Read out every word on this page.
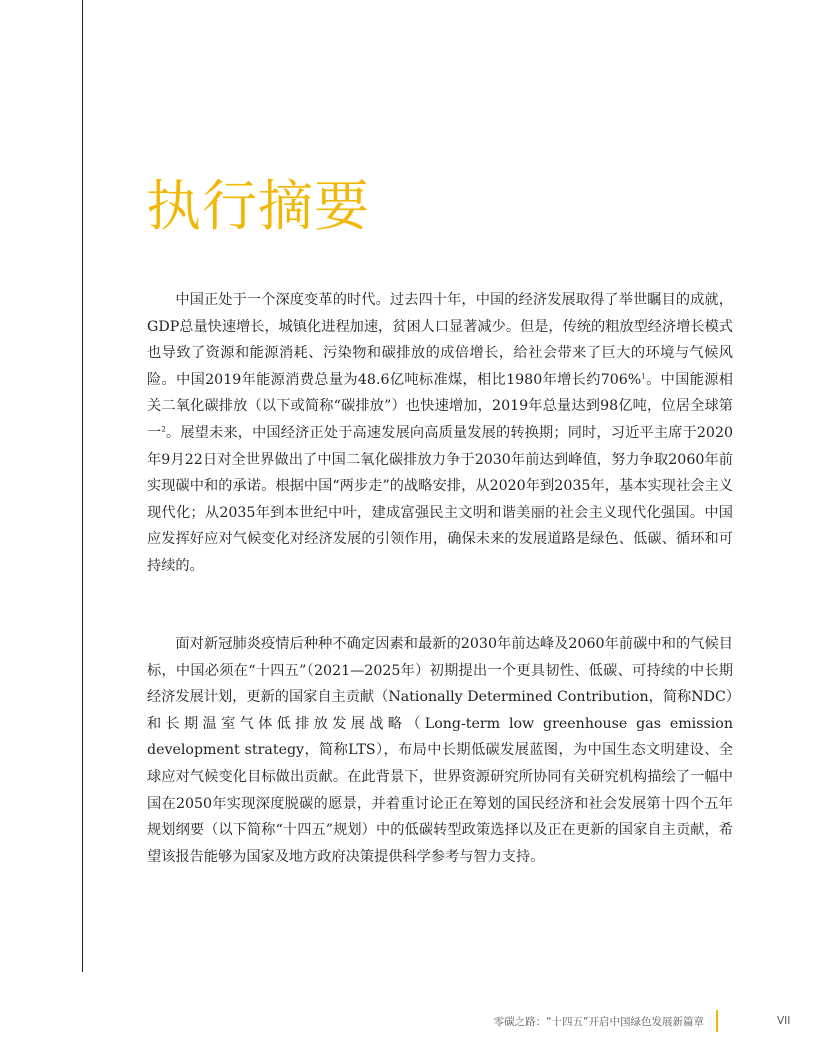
执行摘要

中国正处于一个深度变革的时代。过去四十年，中国的经济发展取得了举世瞩目的成就，GDP总量快速增长，城镇化进程加速，贫困人口显著减少。但是，传统的粗放型经济增长模式也导致了资源和能源消耗、污染物和碳排放的成倍增长，给社会带来了巨大的环境与气候风险。中国2019年能源消费总量为48.6亿吨标准煤，相比1980年增长约706%$^1$。中国能源相关二氧化碳排放（以下或简称“碳排放”）也快速增加，2019年总量达到98亿吨，位居全球第一$^2$。展望未来，中国经济正处于高速发展向高质量发展的转换期；同时，习近平主席于2020年9月22日对全世界做出了中国二氧化碳排放力争于2030年前达到峰值，努力争取2060年前实现碳中和的承诺。根据中国“两步走”的战略安排，从2020年到2035年，基本实现社会主义现代化；从2035年到本世纪中叶，建成富强民主文明和谐美丽的社会主义现代化强国。中国应发挥好应对气候变化对经济发展的引领作用，确保未来的发展道路是绿色、低碳、循环和可持续的。

面对新冠肺炎疫情后种种不确定因素和最新的2030年前达峰及2060年前碳中和的气候目标，中国必须在“十四五”（2021—2025年）初期提出一个更具韧性、低碳、可持续的中长期经济发展计划，更新的国家自主贡献（Nationally Determined Contribution，简称NDC）和长期温室气体低排放发展战略（Long-term low greenhouse gas emission development strategy，简称LTS），布局中长期低碳发展蓝图，为中国生态文明建设、全球应对气候变化目标做出贡献。在此背景下，世界资源研究所协同有关研究机构描绘了一幅中国在2050年实现深度脱碳的愿景，并着重讨论正在筹划的国民经济和社会发展第十四个五年规划纲要（以下简称“十四五”规划）中的低碳转型政策选择以及正在更新的国家自主贡献，希望该报告能够为国家及地方政府决策提供科学参考与智力支持。

零碳之路：“十四五”开启中国绿色发展新篇章	VII
